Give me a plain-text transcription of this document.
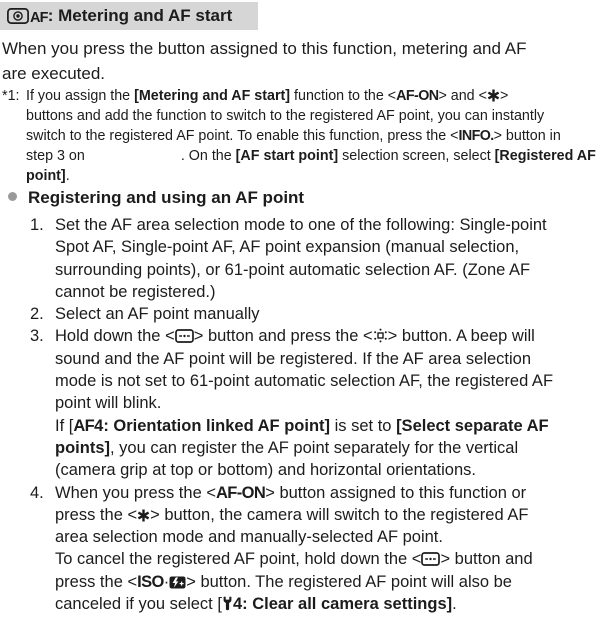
AF : Metering and AF start
When you press the button assigned to this function, metering and AF
are executed.
*1: If you assign the [Metering and AF start] function to the <AF-ON> and < >
buttons and add the function to switch to the registered AF point, you can instantly
switch to the registered AF point. To enable this function, press the <INFO.> button in
step 3 on	. On the [AF start point] selection screen, select [Registered AF
point].
Registering and using an AF point
1. Set the AF area selection mode to one of the following: Single-point
Spot AF, Single-point AF, AF point expansion (manual selection,
surrounding points), or 61-point automatic selection AF. (Zone AF
cannot be registered.)
2. Select an AF point manually
3. Hold down the < > button and press the < > button. A beep will
sound and the AF point will be registered. If the AF area selection
mode is not set to 61-point automatic selection AF, the registered AF
point will blink.
If [AF4: Orientation linked AF point] is set to [Select separate AF
points], you can register the AF point separately for the vertical
(camera grip at top or bottom) and horizontal orientations.
4. When you press the <AF-ON> button assigned to this function or
press the < > button, the camera will switch to the registered AF
area selection mode and manually-selected AF point.
To cancel the registered AF point, hold down the < > button and
press the <ISO· > button. The registered AF point will also be
canceled if you select [ 4: Clear all camera settings].
